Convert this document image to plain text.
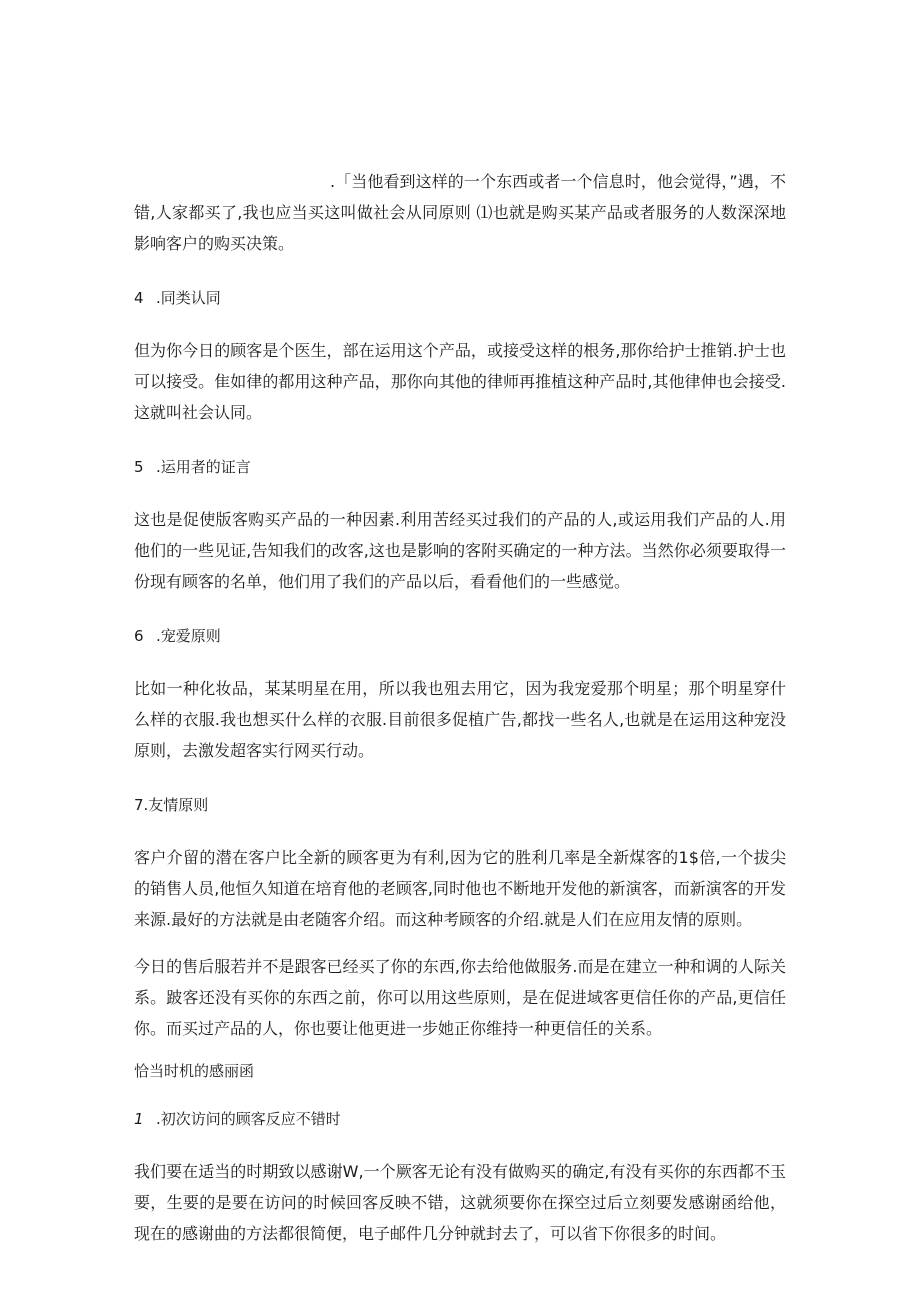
.「当他看到这样的一个东西或者一个信息时，他会觉得，”遇，不错,人家都买了,我也应当买这叫做社会从同原则 ⑴也就是购买某产品或者服务的人数深深地影响客户的购买决策。

4 .同类认同

但为你今日的顾客是个医生，部在运用这个产品，或接受这样的根务,那你给护士推销.护士也可以接受。隹如律的都用这种产品，那你向其他的律师再推植这种产品时,其他律伸也会接受.这就叫社会认同。

5 .运用者的证言

这也是促使版客购买产品的一种因素.利用苦经买过我们的产品的人,或运用我们产品的人.用他们的一些见证,告知我们的改客,这也是影响的客附买确定的一种方法。当然你必须要取得一份现有顾客的名单，他们用了我们的产品以后，看看他们的一些感觉。

6 .宠爱原则

比如一种化妆品，某某明星在用，所以我也殂去用它，因为我宠爱那个明星；那个明星穿什么样的衣服.我也想买什么样的衣服.目前很多促植广告,都找一些名人,也就是在运用这种宠没原则，去激发超客实行网买行动。

7.友情原则

客户介留的潜在客户比全新的顾客更为有利,因为它的胜利几率是全新煤客的1$倍,一个拔尖的销售人员,他恒久知道在培育他的老顾客,同时他也不断地开发他的新演客，而新演客的开发来源.最好的方法就是由老随客介绍。而这种考顾客的介绍.就是人们在应用友情的原则。

今日的售后服若并不是跟客已经买了你的东西,你去给他做服务.而是在建立一种和调的人际关系。跛客还没有买你的东西之前，你可以用这些原则，是在促进域客更信任你的产品,更信任你。而买过产品的人，你也要让他更进一步她正你维持一种更信任的关系。

恰当时机的感丽函

1 .初次访问的顾客反应不错时

我们要在适当的时期致以感谢W,一个厥客无论有没有做购买的确定,有没有买你的东西都不玉要，生要的是要在访问的时候回客反映不错，这就须要你在探空过后立刻要发感谢函给他，现在的感谢曲的方法都很简便，电子邮件几分钟就封去了，可以省下你很多的时间。
